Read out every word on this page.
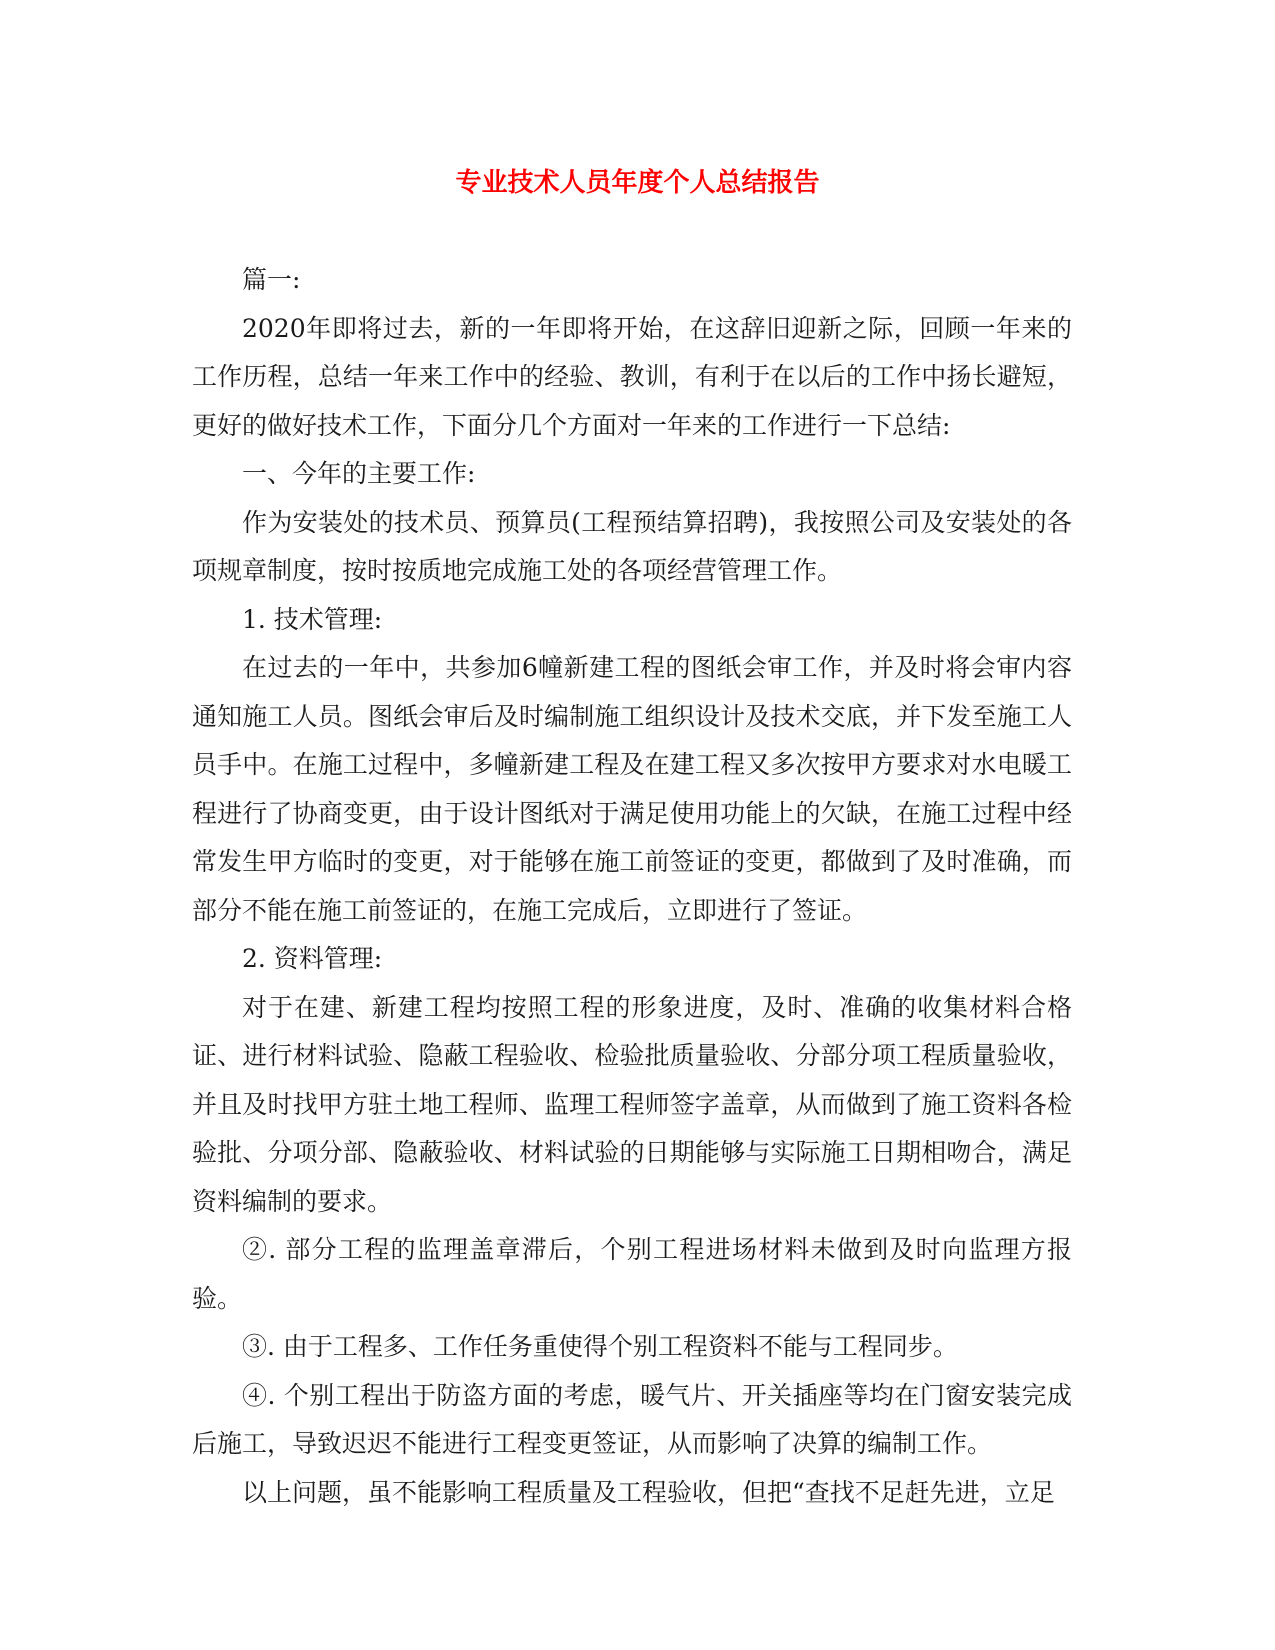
专业技术人员年度个人总结报告

篇一:

2020年即将过去，新的一年即将开始，在这辞旧迎新之际，回顾一年来的工作历程，总结一年来工作中的经验、教训，有利于在以后的工作中扬长避短，更好的做好技术工作，下面分几个方面对一年来的工作进行一下总结:

一、今年的主要工作:

作为安装处的技术员、预算员(工程预结算招聘)，我按照公司及安装处的各项规章制度，按时按质地完成施工处的各项经营管理工作。

1. 技术管理:

在过去的一年中，共参加6幢新建工程的图纸会审工作，并及时将会审内容通知施工人员。图纸会审后及时编制施工组织设计及技术交底，并下发至施工人员手中。在施工过程中，多幢新建工程及在建工程又多次按甲方要求对水电暖工程进行了协商变更，由于设计图纸对于满足使用功能上的欠缺，在施工过程中经常发生甲方临时的变更，对于能够在施工前签证的变更，都做到了及时准确，而部分不能在施工前签证的，在施工完成后，立即进行了签证。

2. 资料管理:

对于在建、新建工程均按照工程的形象进度，及时、准确的收集材料合格证、进行材料试验、隐蔽工程验收、检验批质量验收、分部分项工程质量验收，并且及时找甲方驻土地工程师、监理工程师签字盖章，从而做到了施工资料各检验批、分项分部、隐蔽验收、材料试验的日期能够与实际施工日期相吻合，满足资料编制的要求。

②. 部分工程的监理盖章滞后，个别工程进场材料未做到及时向监理方报验。

③. 由于工程多、工作任务重使得个别工程资料不能与工程同步。

④. 个别工程出于防盗方面的考虑，暖气片、开关插座等均在门窗安装完成后施工，导致迟迟不能进行工程变更签证，从而影响了决算的编制工作。

以上问题，虽不能影响工程质量及工程验收，但把“查找不足赶先进，立足
